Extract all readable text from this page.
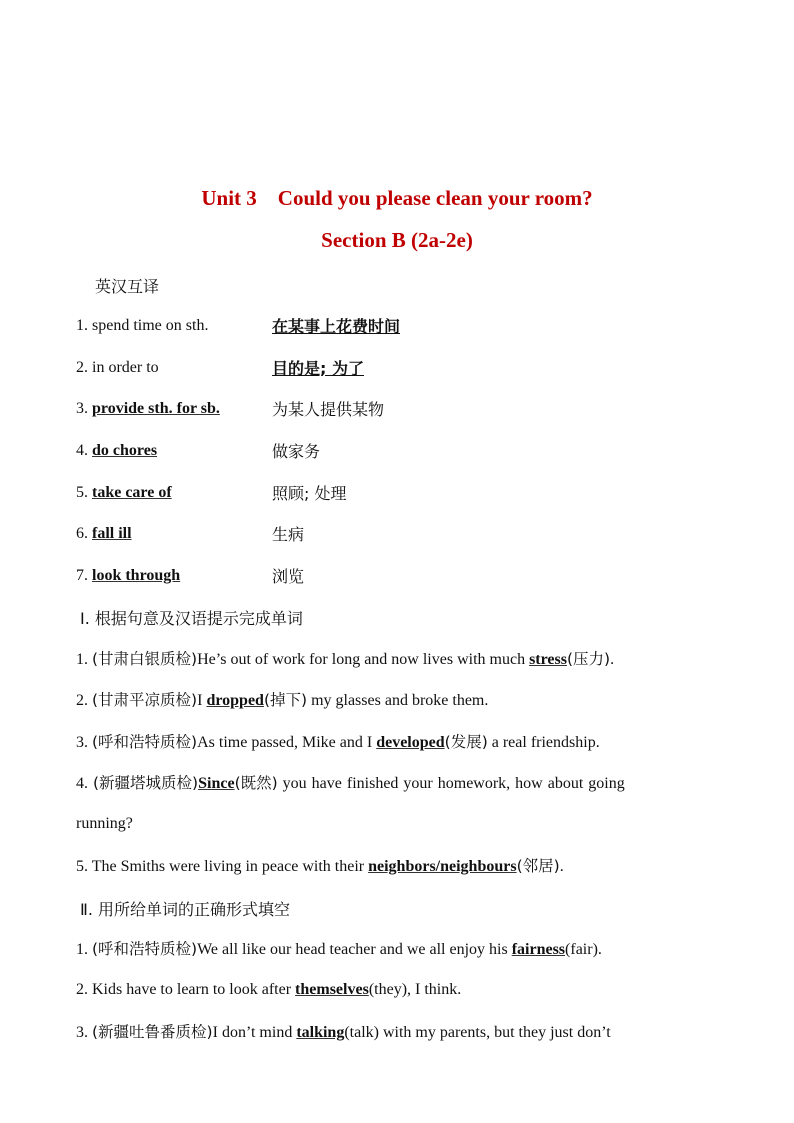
Unit 3    Could you please clean your room?
Section B (2a-2e)
英汉互译
1. spend time on sth.	在某事上花费时间
2. in order to	目的是; 为了
3. provide sth. for sb.	为某人提供某物
4. do chores	做家务
5. take care of	照顾; 处理
6. fall ill	生病
7. look through	浏览
Ⅰ. 根据句意及汉语提示完成单词
1. (甘肃白银质检)He’s out of work for long and now lives with much stress(压力).
2. (甘肃平凉质检)I dropped(掉下) my glasses and broke them.
3. (呼和浩特质检)As time passed, Mike and I developed(发展) a real friendship.
4. (新疆塔城质检)Since(既然) you have finished your homework, how about going
running?
5. The Smiths were living in peace with their neighbors/neighbours(邻居).
Ⅱ. 用所给单词的正确形式填空
1. (呼和浩特质检)We all like our head teacher and we all enjoy his fairness(fair).
2. Kids have to learn to look after themselves(they), I think.
3. (新疆吐鲁番质检)I don’t mind talking(talk) with my parents, but they just don’t
